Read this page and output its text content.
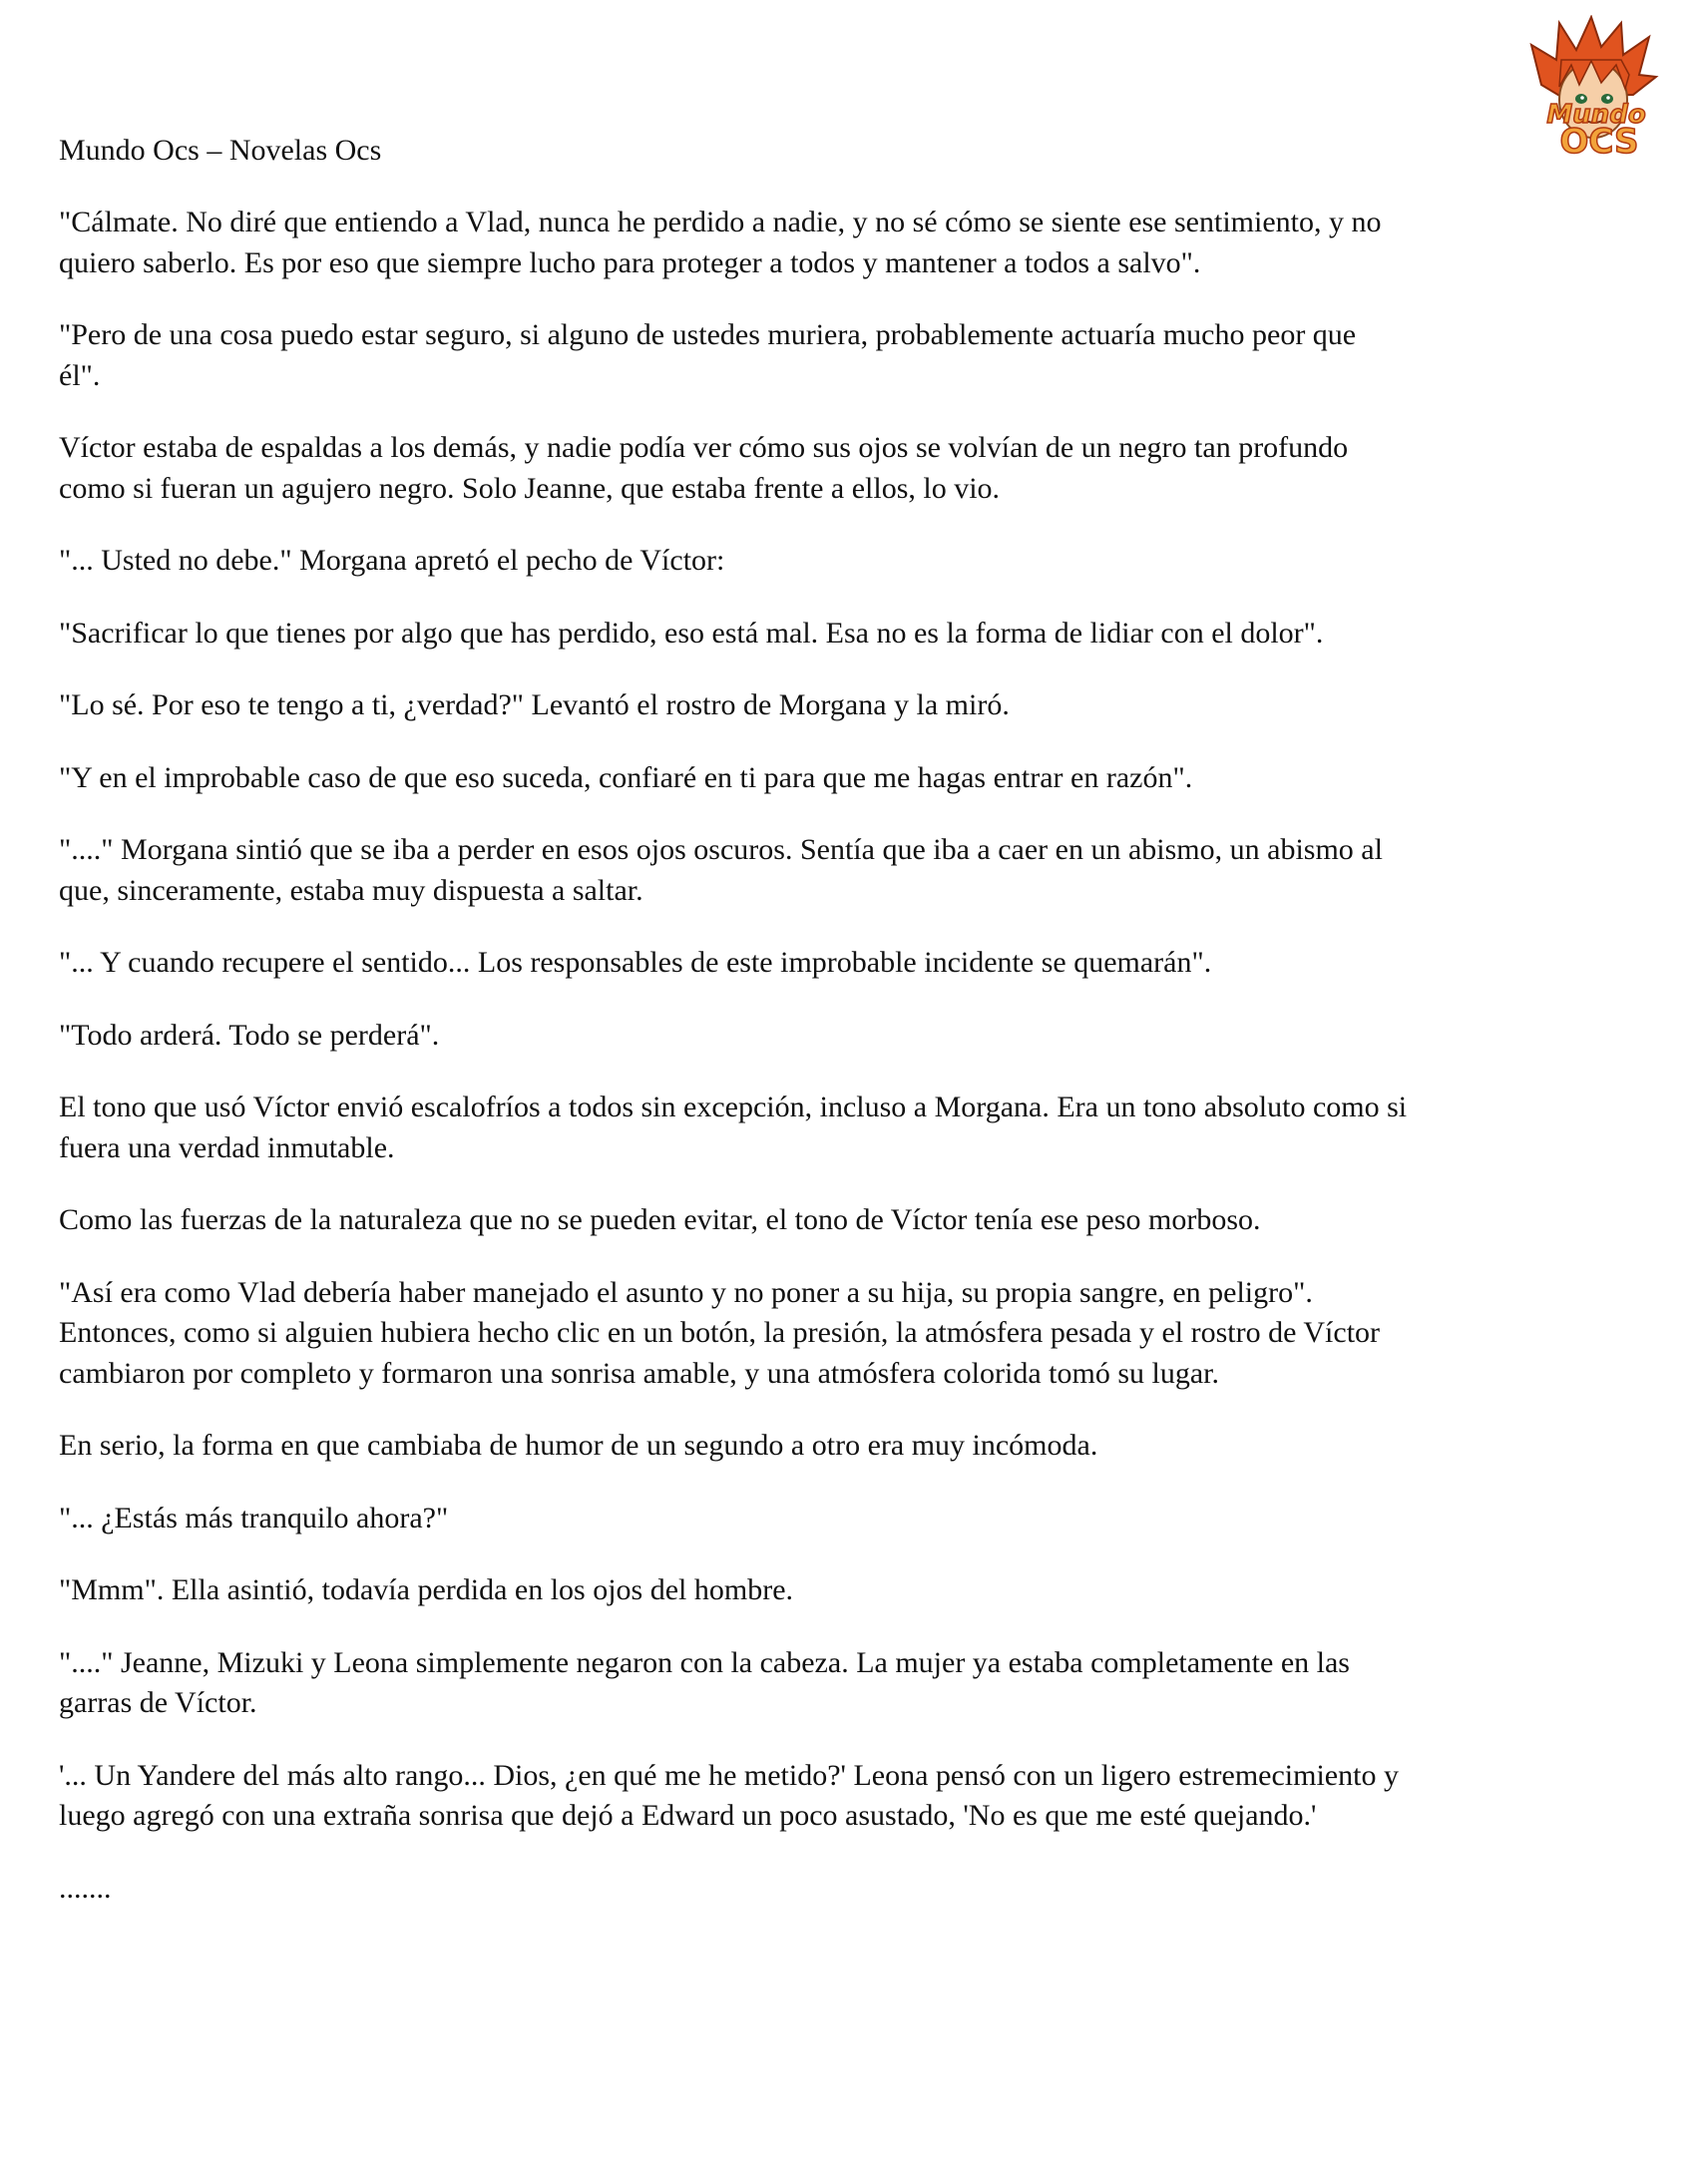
Mundo
OCS
Mundo Ocs – Novelas Ocs

"Cálmate. No diré que entiendo a Vlad, nunca he perdido a nadie, y no sé cómo se siente ese sentimiento, y no
quiero saberlo. Es por eso que siempre lucho para proteger a todos y mantener a todos a salvo".

"Pero de una cosa puedo estar seguro, si alguno de ustedes muriera, probablemente actuaría mucho peor que
él".

Víctor estaba de espaldas a los demás, y nadie podía ver cómo sus ojos se volvían de un negro tan profundo
como si fueran un agujero negro. Solo Jeanne, que estaba frente a ellos, lo vio.

"... Usted no debe." Morgana apretó el pecho de Víctor:

"Sacrificar lo que tienes por algo que has perdido, eso está mal. Esa no es la forma de lidiar con el dolor".

"Lo sé. Por eso te tengo a ti, ¿verdad?" Levantó el rostro de Morgana y la miró.

"Y en el improbable caso de que eso suceda, confiaré en ti para que me hagas entrar en razón".

"...." Morgana sintió que se iba a perder en esos ojos oscuros. Sentía que iba a caer en un abismo, un abismo al
que, sinceramente, estaba muy dispuesta a saltar.

"... Y cuando recupere el sentido... Los responsables de este improbable incidente se quemarán".

"Todo arderá. Todo se perderá".

El tono que usó Víctor envió escalofríos a todos sin excepción, incluso a Morgana. Era un tono absoluto como si
fuera una verdad inmutable.

Como las fuerzas de la naturaleza que no se pueden evitar, el tono de Víctor tenía ese peso morboso.

"Así era como Vlad debería haber manejado el asunto y no poner a su hija, su propia sangre, en peligro".
Entonces, como si alguien hubiera hecho clic en un botón, la presión, la atmósfera pesada y el rostro de Víctor
cambiaron por completo y formaron una sonrisa amable, y una atmósfera colorida tomó su lugar.

En serio, la forma en que cambiaba de humor de un segundo a otro era muy incómoda.

"... ¿Estás más tranquilo ahora?"

"Mmm". Ella asintió, todavía perdida en los ojos del hombre.

"...." Jeanne, Mizuki y Leona simplemente negaron con la cabeza. La mujer ya estaba completamente en las
garras de Víctor.

'... Un Yandere del más alto rango... Dios, ¿en qué me he metido?' Leona pensó con un ligero estremecimiento y
luego agregó con una extraña sonrisa que dejó a Edward un poco asustado, 'No es que me esté quejando.'

.......
